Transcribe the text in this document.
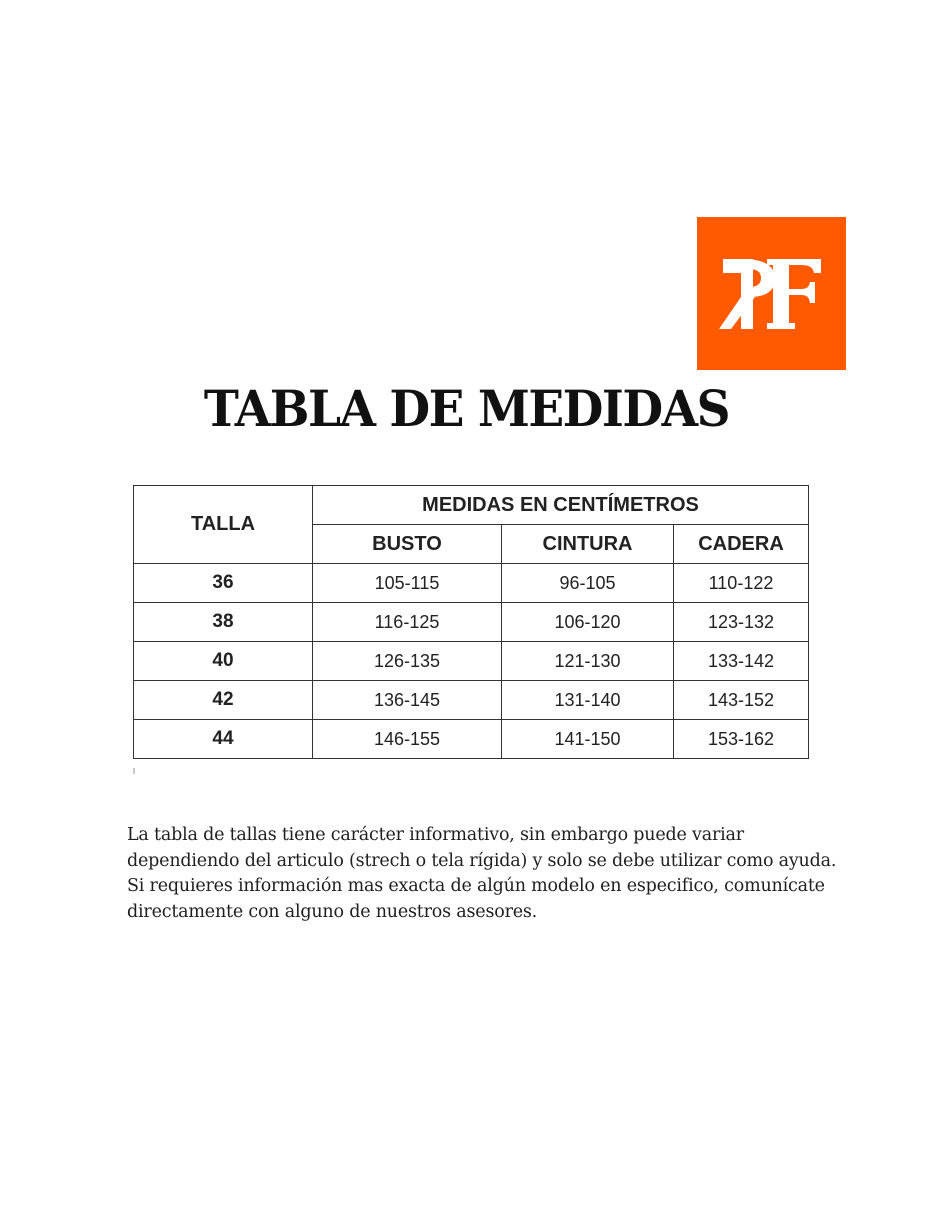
TABLA DE MEDIDAS
TALLA	MEDIDAS EN CENTÍMETROS		
	BUSTO	CINTURA	CADERA
36	105-115	96-105	110-122
38	116-125	106-120	123-132
40	126-135	121-130	133-142
42	136-145	131-140	143-152
44	146-155	141-150	153-162
La tabla de tallas tiene carácter informativo, sin embargo puede variar
dependiendo del articulo (strech o tela rígida) y solo se debe utilizar como ayuda.
Si requieres información mas exacta de algún modelo en especifico, comunícate
directamente con alguno de nuestros asesores.
